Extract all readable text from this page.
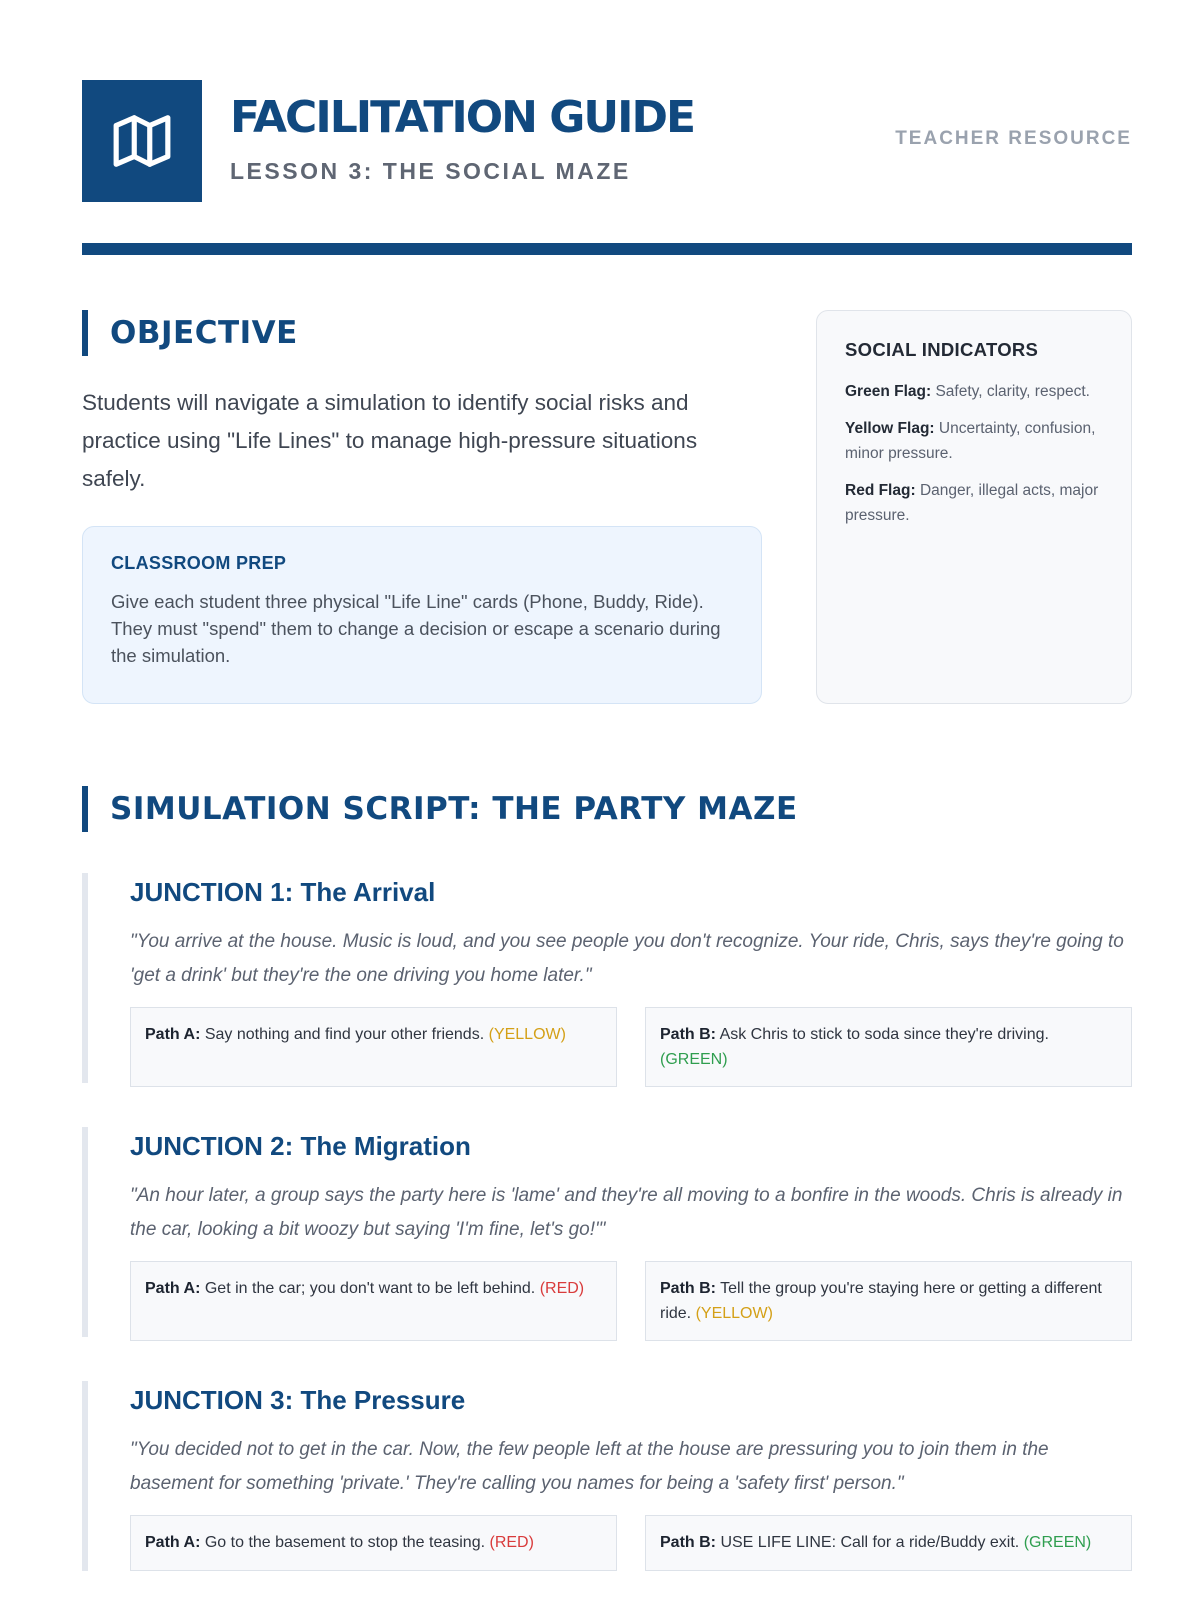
FACILITATION GUIDE
LESSON 3: THE SOCIAL MAZE
TEACHER RESOURCE
OBJECTIVE

Students will navigate a simulation to identify social risks and practice using "Life Lines" to manage high-pressure situations safely.

CLASSROOM PREP
Give each student three physical "Life Line" cards (Phone, Buddy, Ride). They must "spend" them to change a decision or escape a scenario during the simulation.
SOCIAL INDICATORS
Green Flag: Safety, clarity, respect.
Yellow Flag: Uncertainty, confusion, minor pressure.
Red Flag: Danger, illegal acts, major pressure.
SIMULATION SCRIPT: THE PARTY MAZE
JUNCTION 1: The Arrival
"You arrive at the house. Music is loud, and you see people you don't recognize. Your ride, Chris, says they're going to 'get a drink' but they're the one driving you home later."
Path A: Say nothing and find your other friends. (YELLOW)	Path B: Ask Chris to stick to soda since they're driving. (GREEN)
JUNCTION 2: The Migration
"An hour later, a group says the party here is 'lame' and they're all moving to a bonfire in the woods. Chris is already in the car, looking a bit woozy but saying 'I'm fine, let's go!'"
Path A: Get in the car; you don't want to be left behind. (RED)	Path B: Tell the group you're staying here or getting a different ride. (YELLOW)
JUNCTION 3: The Pressure
"You decided not to get in the car. Now, the few people left at the house are pressuring you to join them in the basement for something 'private.' They're calling you names for being a 'safety first' person."
Path A: Go to the basement to stop the teasing. (RED)	Path B: USE LIFE LINE: Call for a ride/Buddy exit. (GREEN)
